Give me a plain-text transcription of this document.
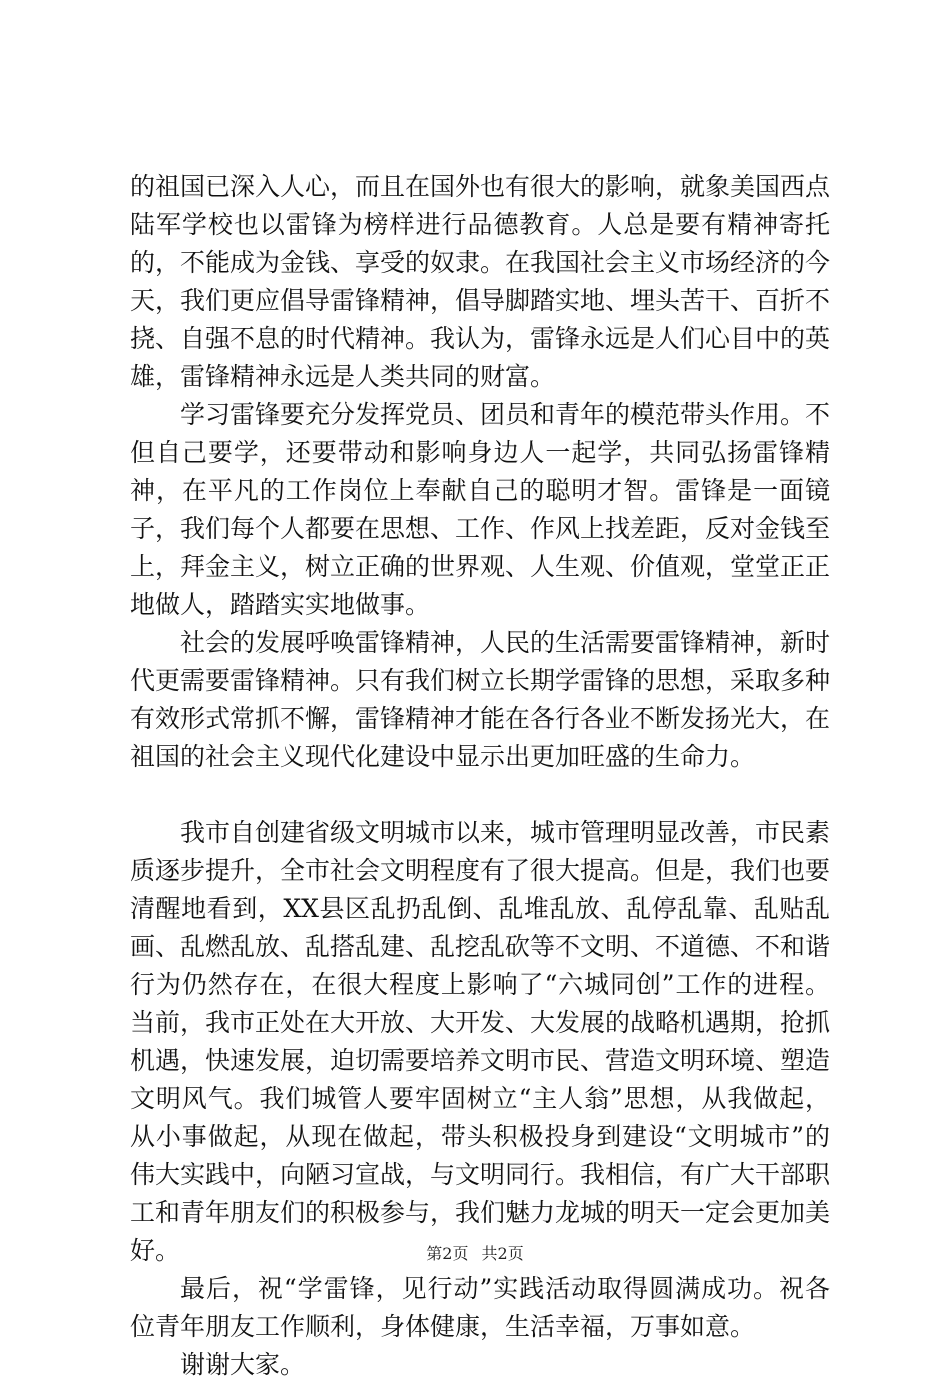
的祖国已深入人心，而且在国外也有很大的影响，就象美国西点陆军学校也以雷锋为榜样进行品德教育。人总是要有精神寄托的，不能成为金钱、享受的奴隶。在我国社会主义市场经济的今天，我们更应倡导雷锋精神，倡导脚踏实地、埋头苦干、百折不挠、自强不息的时代精神。我认为，雷锋永远是人们心目中的英雄，雷锋精神永远是人类共同的财富。

学习雷锋要充分发挥党员、团员和青年的模范带头作用。不但自己要学，还要带动和影响身边人一起学，共同弘扬雷锋精神，在平凡的工作岗位上奉献自己的聪明才智。雷锋是一面镜子，我们每个人都要在思想、工作、作风上找差距，反对金钱至上，拜金主义，树立正确的世界观、人生观、价值观，堂堂正正地做人，踏踏实实地做事。

社会的发展呼唤雷锋精神，人民的生活需要雷锋精神，新时代更需要雷锋精神。只有我们树立长期学雷锋的思想，采取多种有效形式常抓不懈，雷锋精神才能在各行各业不断发扬光大，在祖国的社会主义现代化建设中显示出更加旺盛的生命力。

我市自创建省级文明城市以来，城市管理明显改善，市民素质逐步提升，全市社会文明程度有了很大提高。但是，我们也要清醒地看到，XX县区乱扔乱倒、乱堆乱放、乱停乱靠、乱贴乱画、乱燃乱放、乱搭乱建、乱挖乱砍等不文明、不道德、不和谐行为仍然存在，在很大程度上影响了“六城同创”工作的进程。当前，我市正处在大开放、大开发、大发展的战略机遇期，抢抓机遇，快速发展，迫切需要培养文明市民、营造文明环境、塑造文明风气。我们城管人要牢固树立“主人翁”思想，从我做起，从小事做起，从现在做起，带头积极投身到建设“文明城市”的伟大实践中，向陋习宣战，与文明同行。我相信，有广大干部职工和青年朋友们的积极参与，我们魅力龙城的明天一定会更加美好。

最后，祝“学雷锋，见行动”实践活动取得圆满成功。祝各位青年朋友工作顺利，身体健康，生活幸福，万事如意。

谢谢大家。

第2页 共2页
